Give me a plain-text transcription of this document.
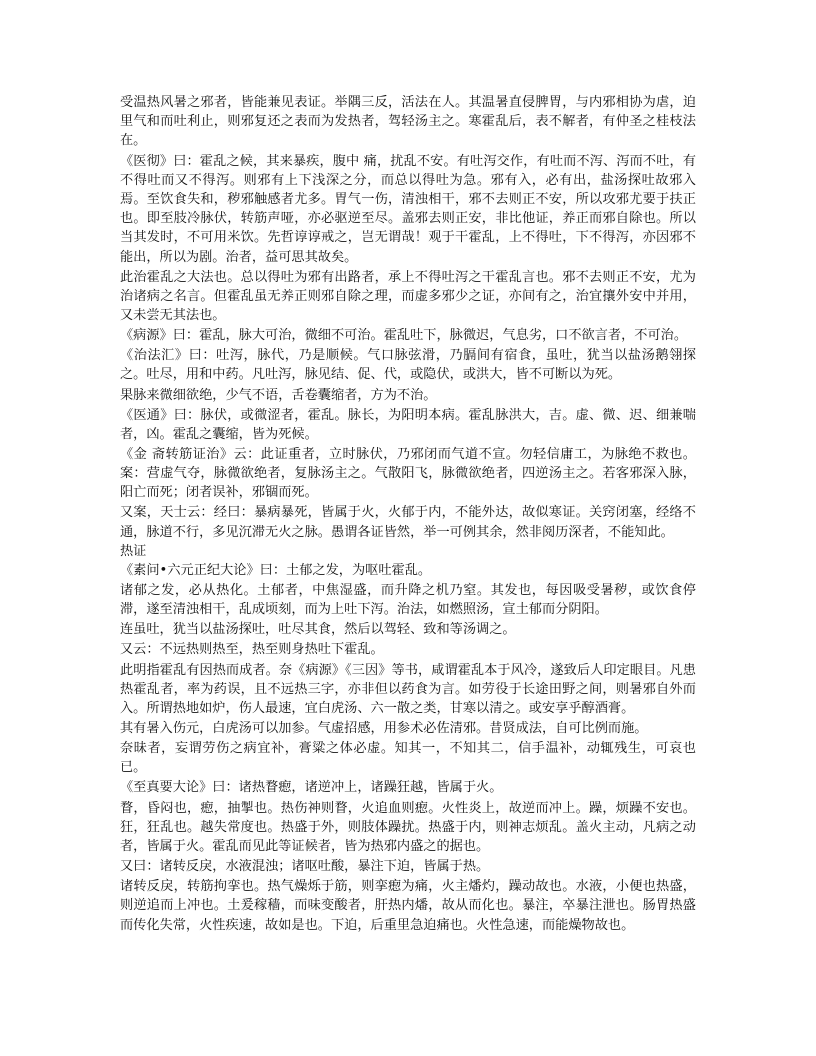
受温热风暑之邪者，皆能兼见表证。举隅三反，活法在人。其温暑直侵脾胃，与内邪相协为虐，迫里气和而吐利止，则邪复还之表而为发热者，驾轻汤主之。寒霍乱后，表不解者，有仲圣之桂枝法在。

《医彻》曰：霍乱之候，其来暴疾，腹中 痛，扰乱不安。有吐泻交作，有吐而不泻、泻而不吐，有不得吐而又不得泻。则邪有上下浅深之分，而总以得吐为急。邪有入，必有出，盐汤探吐故邪入焉。至饮食失和，秽邪触感者尤多。胃气一伤，清浊相干，邪不去则正不安，所以攻邪尤要于扶正也。即至肢冷脉伏，转筋声哑，亦必驱逆至尽。盖邪去则正安，非比他证，养正而邪自除也。所以当其发时，不可用米饮。先哲谆谆戒之，岂无谓哉！观于干霍乱，上不得吐，下不得泻，亦因邪不能出，所以为剧。治者，益可思其故矣。

此治霍乱之大法也。总以得吐为邪有出路者，承上不得吐泻之干霍乱言也。邪不去则正不安，尤为治诸病之名言。但霍乱虽无养正则邪自除之理，而虚多邪少之证，亦间有之，治宜攘外安中并用，又未尝无其法也。

《病源》曰：霍乱，脉大可治，微细不可治。霍乱吐下，脉微迟，气息劣，口不欲言者，不可治。

《治法汇》曰：吐泻，脉代，乃是顺候。气口脉弦滑，乃膈间有宿食，虽吐，犹当以盐汤鹅翎探之。吐尽，用和中药。凡吐泻，脉见结、促、代，或隐伏，或洪大，皆不可断以为死。

果脉来微细欲绝，少气不语，舌卷囊缩者，方为不治。

《医通》曰：脉伏，或微涩者，霍乱。脉长，为阳明本病。霍乱脉洪大，吉。虚、微、迟、细兼喘者，凶。霍乱之囊缩，皆为死候。

《金 斋转筋证治》云：此证重者，立时脉伏，乃邪闭而气道不宣。勿轻信庸工，为脉绝不救也。案：营虚气夺，脉微欲绝者，复脉汤主之。气散阳飞，脉微欲绝者，四逆汤主之。若客邪深入脉，阳亡而死；闭者误补，邪锢而死。

又案，天士云：经曰：暴病暴死，皆属于火，火郁于内，不能外达，故似寒证。关窍闭塞，经络不通，脉道不行，多见沉滞无火之脉。愚谓各证皆然，举一可例其余，然非阅历深者，不能知此。

热证

《素问•六元正纪大论》曰：土郁之发，为呕吐霍乱。

诸郁之发，必从热化。土郁者，中焦湿盛，而升降之机乃窒。其发也，每因吸受暑秽，或饮食停滞，遂至清浊相干，乱成顷刻，而为上吐下泻。治法，如燃照汤，宣土郁而分阴阳。

连虽吐，犹当以盐汤探吐，吐尽其食，然后以驾轻、致和等汤调之。

又云：不远热则热至，热至则身热吐下霍乱。

此明指霍乱有因热而成者。奈《病源》《三因》等书，咸谓霍乱本于风冷，遂致后人印定眼目。凡患热霍乱者，率为药误，且不远热三字，亦非但以药食为言。如劳役于长途田野之间，则暑邪自外而入。所谓热地如炉，伤人最速，宜白虎汤、六一散之类，甘寒以清之。或安享乎醇酒膏。

其有暑入伤元，白虎汤可以加参。气虚招感，用参术必佐清邪。昔贤成法，自可比例而施。

奈昧者，妄谓劳伤之病宜补，膏粱之体必虚。知其一，不知其二，信手温补，动辄残生，可哀也已。

《至真要大论》曰：诸热瞀瘛，诸逆冲上，诸躁狂越，皆属于火。

瞀，昏闷也，瘛，抽掣也。热伤神则瞀，火追血则瘛。火性炎上，故逆而冲上。躁，烦躁不安也。狂，狂乱也。越失常度也。热盛于外，则肢体躁扰。热盛于内，则神志烦乱。盖火主动，凡病之动者，皆属于火。霍乱而见此等证候者，皆为热邪内盛之的据也。

又曰：诸转反戾，水液混浊；诸呕吐酸，暴注下迫，皆属于热。

诸转反戾，转筋拘挛也。热气燥烁于筋，则挛瘛为痛，火主燔灼，躁动故也。水液，小便也热盛，则逆追而上冲也。土爰稼穑，而味变酸者，肝热内燔，故从而化也。暴注，卒暴注泄也。肠胃热盛而传化失常，火性疾速，故如是也。下迫，后重里急迫痛也。火性急速，而能燥物故也。
